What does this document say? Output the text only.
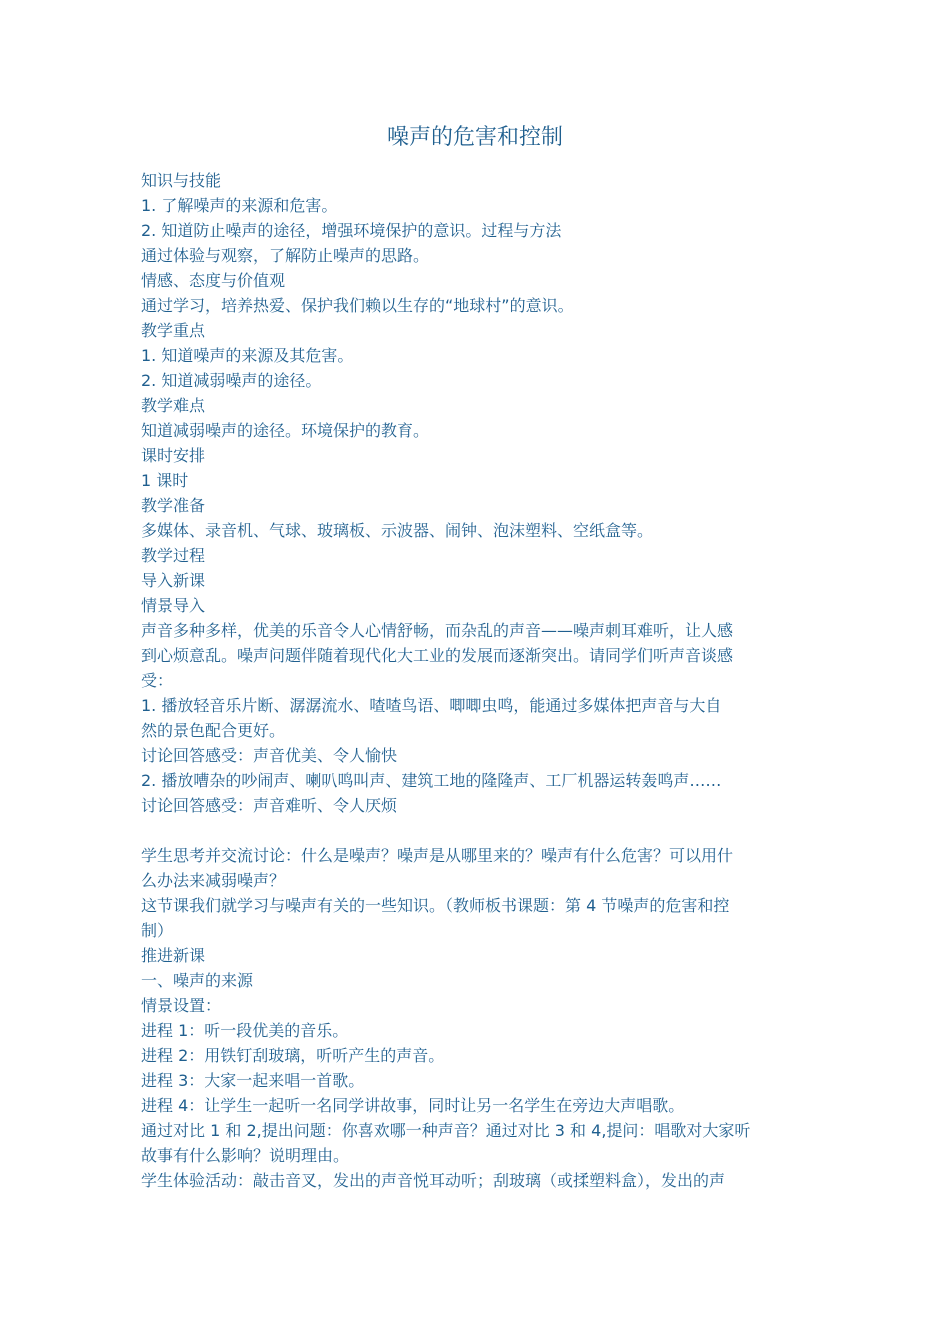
噪声的危害和控制
知识与技能
1. 了解噪声的来源和危害。
2. 知道防止噪声的途径，增强环境保护的意识。过程与方法
通过体验与观察，了解防止噪声的思路。
情感、态度与价值观
通过学习，培养热爱、保护我们赖以生存的“地球村”的意识。
教学重点
1. 知道噪声的来源及其危害。
2. 知道减弱噪声的途径。
教学难点
知道减弱噪声的途径。环境保护的教育。
课时安排
1 课时
教学准备
多媒体、录音机、气球、玻璃板、示波器、闹钟、泡沫塑料、空纸盒等。
教学过程
导入新课
情景导入
声音多种多样，优美的乐音令人心情舒畅，而杂乱的声音——噪声刺耳难听，让人感
到心烦意乱。噪声问题伴随着现代化大工业的发展而逐渐突出。请同学们听声音谈感
受：
1. 播放轻音乐片断、潺潺流水、喳喳鸟语、唧唧虫鸣，能通过多媒体把声音与大自
然的景色配合更好。
讨论回答感受：声音优美、令人愉快
2. 播放嘈杂的吵闹声、喇叭鸣叫声、建筑工地的隆隆声、工厂机器运转轰鸣声……
讨论回答感受：声音难听、令人厌烦
学生思考并交流讨论：什么是噪声？噪声是从哪里来的？噪声有什么危害？可以用什
么办法来减弱噪声？
这节课我们就学习与噪声有关的一些知识。（教师板书课题：第 4 节噪声的危害和控
制）
推进新课
一、噪声的来源
情景设置：
进程 1：听一段优美的音乐。
进程 2：用铁钉刮玻璃，听听产生的声音。
进程 3：大家一起来唱一首歌。
进程 4：让学生一起听一名同学讲故事，同时让另一名学生在旁边大声唱歌。
通过对比 1 和 2,提出问题：你喜欢哪一种声音？通过对比 3 和 4,提问：唱歌对大家听
故事有什么影响？说明理由。
学生体验活动：敲击音叉，发出的声音悦耳动听；刮玻璃（或揉塑料盒），发出的声
